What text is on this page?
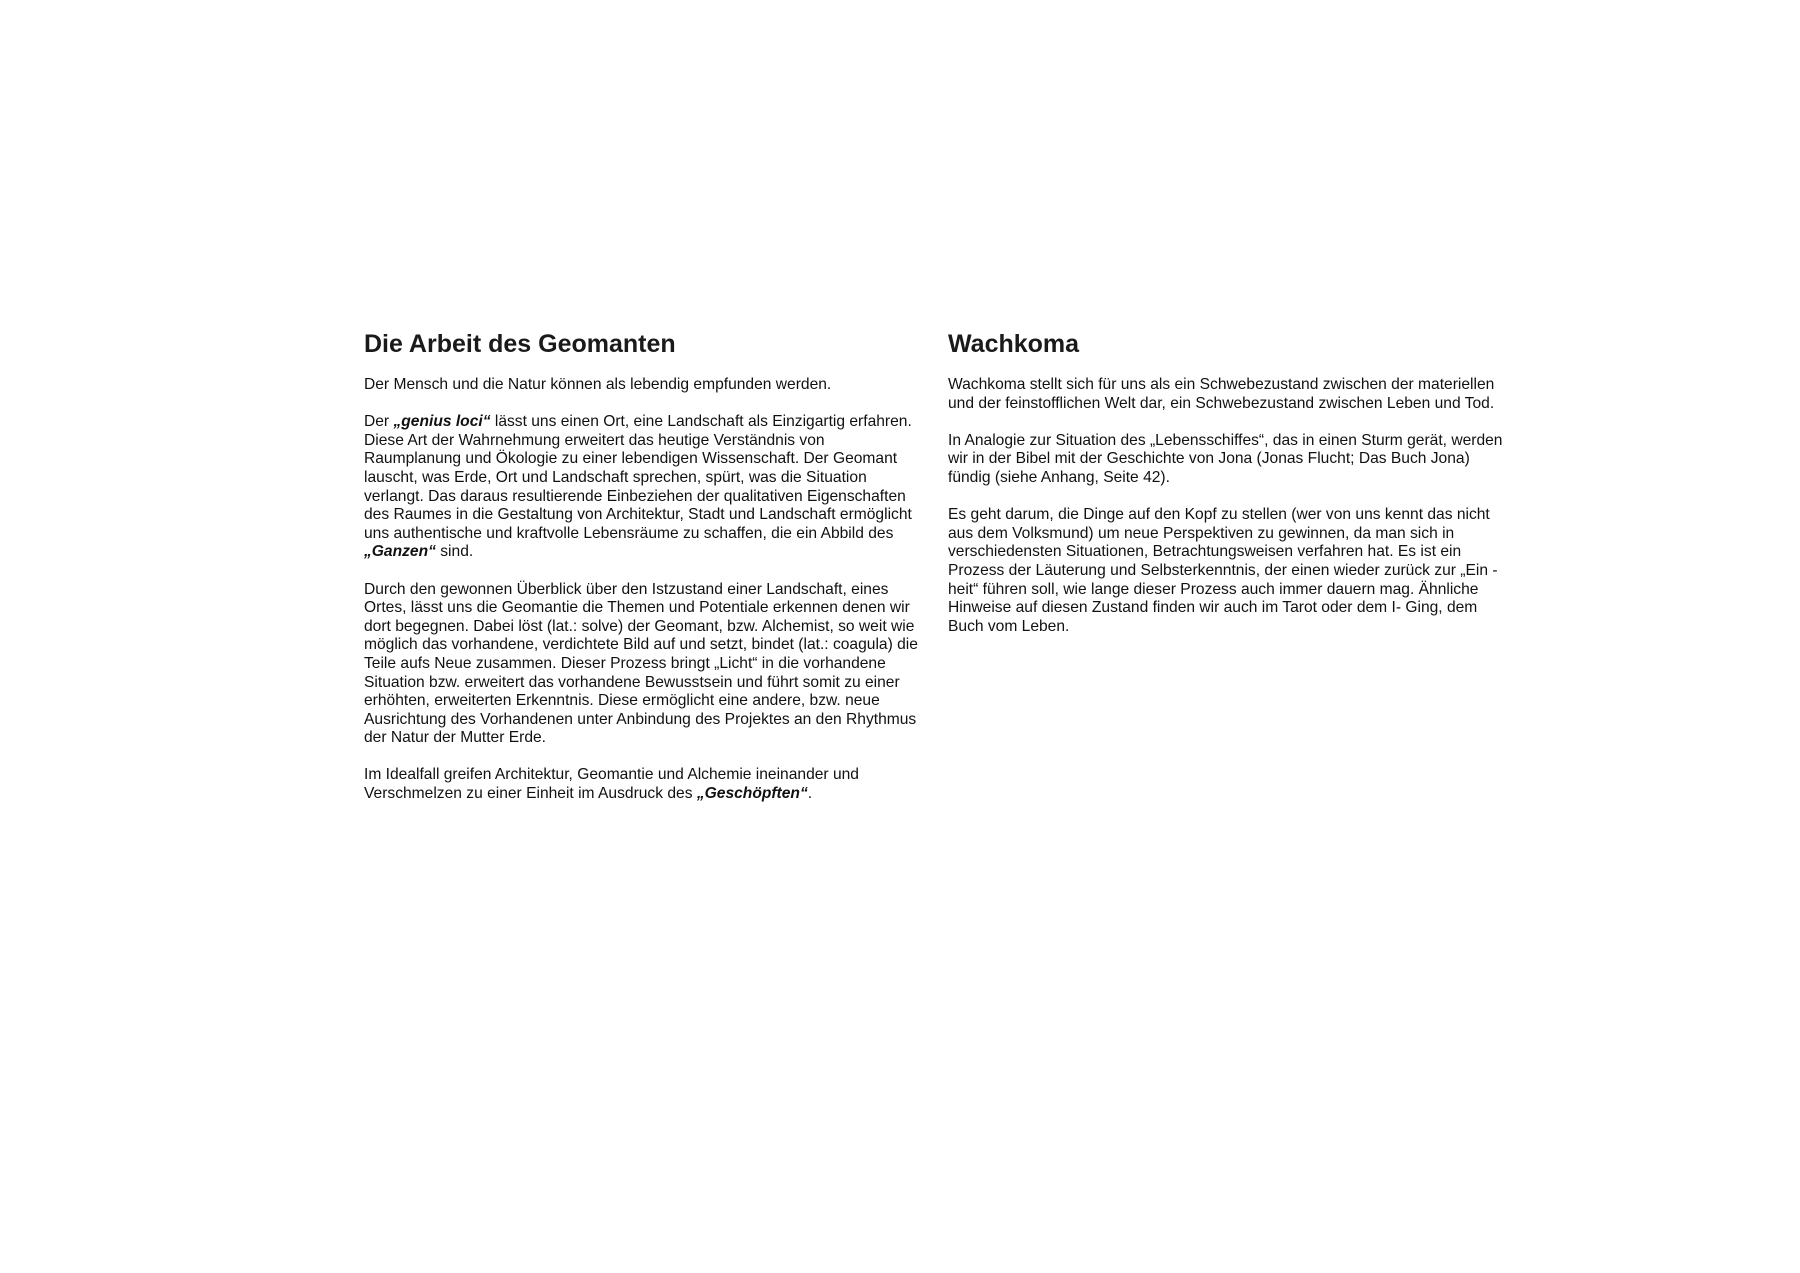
Die Arbeit des Geomanten

Der Mensch und die Natur können als lebendig empfunden werden.

Der „genius loci“ lässt uns einen Ort, eine Landschaft als Einzigartig erfahren. Diese Art der Wahrnehmung erweitert das heutige Verständnis von Raumplanung und Ökologie zu einer lebendigen Wissenschaft. Der Geomant lauscht, was Erde, Ort und Landschaft sprechen, spürt, was die Situation verlangt. Das daraus resultierende Einbeziehen der qualitativen Eigenschaften des Raumes in die Gestaltung von Architektur, Stadt und Landschaft ermöglicht uns authentische und kraftvolle Lebensräume zu schaffen, die ein Abbild des „Ganzen“ sind.

Durch den gewonnen Überblick über den Istzustand einer Landschaft, eines Ortes, lässt uns die Geomantie die Themen und Potentiale erkennen denen wir dort begegnen. Dabei löst (lat.: solve) der Geomant, bzw. Alchemist, so weit wie möglich das vorhandene, verdichtete Bild auf und setzt, bindet (lat.: coagula) die Teile aufs Neue zusammen. Dieser Prozess bringt „Licht“ in die vorhandene Situation bzw. erweitert das vorhandene Bewusstsein und führt somit zu einer erhöhten, erweiterten Erkenntnis. Diese ermöglicht eine andere, bzw. neue Ausrichtung des Vorhandenen unter Anbindung des Projektes an den Rhythmus der Natur der Mutter Erde.

Im Idealfall greifen Architektur, Geomantie und Alchemie ineinander und Verschmelzen zu einer Einheit im Ausdruck des „Geschöpften“.

Wachkoma

Wachkoma stellt sich für uns als ein Schwebezustand zwischen der materiellen und der feinstofflichen Welt dar, ein Schwebezustand zwischen Leben und Tod.

In Analogie zur Situation des „Lebensschiffes“, das in einen Sturm gerät, werden wir in der Bibel mit der Geschichte von Jona (Jonas Flucht; Das Buch Jona) fündig (siehe Anhang, Seite 42).

Es geht darum, die Dinge auf den Kopf zu stellen (wer von uns kennt das nicht aus dem Volksmund) um neue Perspektiven zu gewinnen, da man sich in verschiedensten Situationen, Betrachtungsweisen verfahren hat. Es ist ein Prozess der Läuterung und Selbsterkenntnis, der einen wieder zurück zur „Ein - heit“ führen soll, wie lange dieser Prozess auch immer dauern mag. Ähnliche Hinweise auf diesen Zustand finden wir auch im Tarot oder dem I- Ging, dem Buch vom Leben.
